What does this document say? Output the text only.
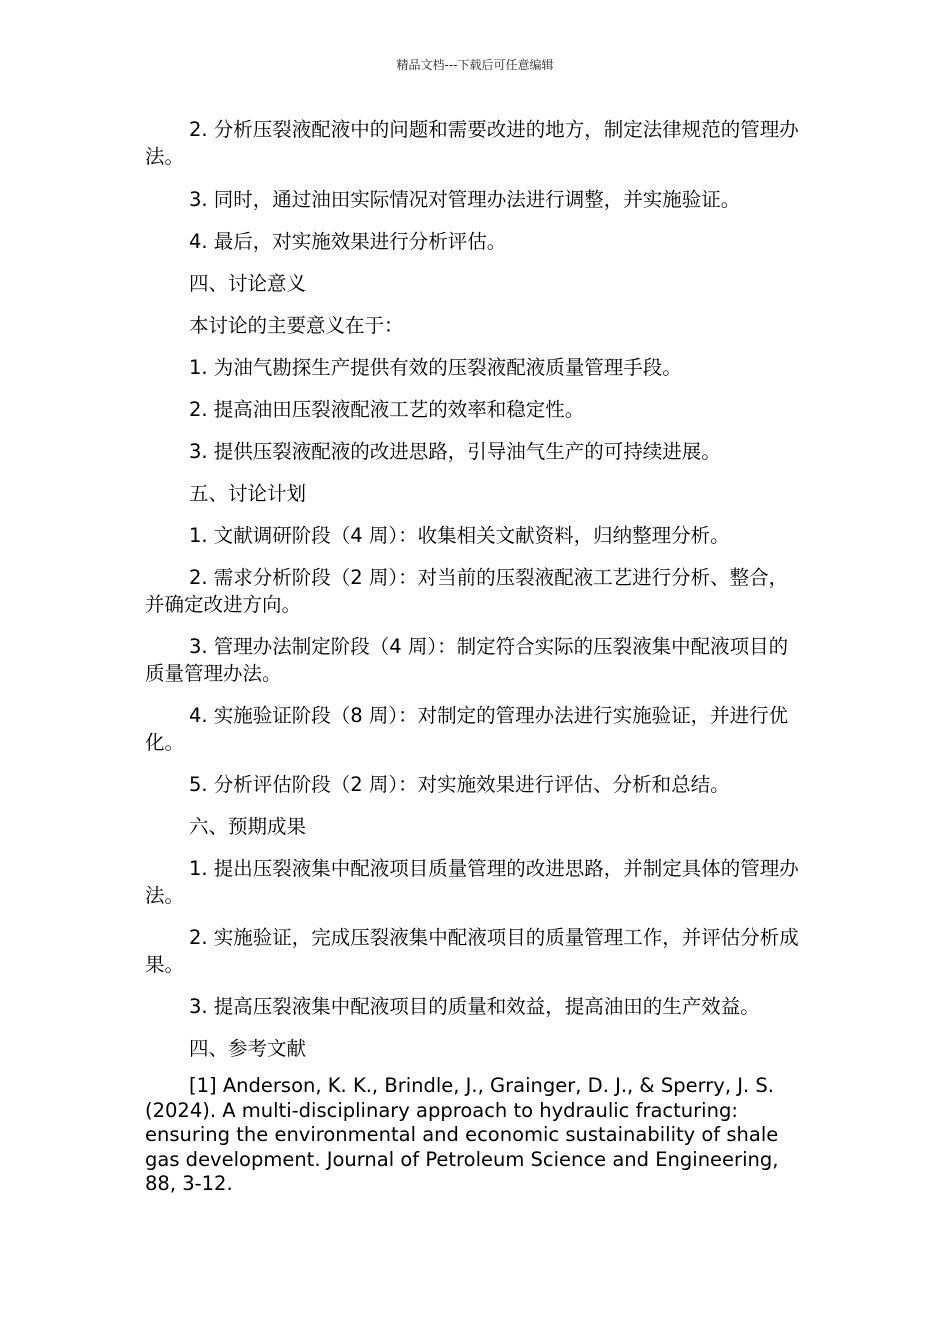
精品文档---下载后可任意编辑

2. 分析压裂液配液中的问题和需要改进的地方，制定法律规范的管理办法。

3. 同时，通过油田实际情况对管理办法进行调整，并实施验证。

4. 最后，对实施效果进行分析评估。

四、讨论意义

本讨论的主要意义在于：

1. 为油气勘探生产提供有效的压裂液配液质量管理手段。

2. 提高油田压裂液配液工艺的效率和稳定性。

3. 提供压裂液配液的改进思路，引导油气生产的可持续进展。

五、讨论计划

1. 文献调研阶段（4 周）：收集相关文献资料，归纳整理分析。

2. 需求分析阶段（2 周）：对当前的压裂液配液工艺进行分析、整合，并确定改进方向。

3. 管理办法制定阶段（4 周）：制定符合实际的压裂液集中配液项目的质量管理办法。

4. 实施验证阶段（8 周）：对制定的管理办法进行实施验证，并进行优化。

5. 分析评估阶段（2 周）：对实施效果进行评估、分析和总结。

六、预期成果

1. 提出压裂液集中配液项目质量管理的改进思路，并制定具体的管理办法。

2. 实施验证，完成压裂液集中配液项目的质量管理工作，并评估分析成果。

3. 提高压裂液集中配液项目的质量和效益，提高油田的生产效益。

四、参考文献

[1] Anderson, K. K., Brindle, J., Grainger, D. J., & Sperry, J. S. (2024). A multi-disciplinary approach to hydraulic fracturing: ensuring the environmental and economic sustainability of shale gas development. Journal of Petroleum Science and Engineering, 88, 3-12.
